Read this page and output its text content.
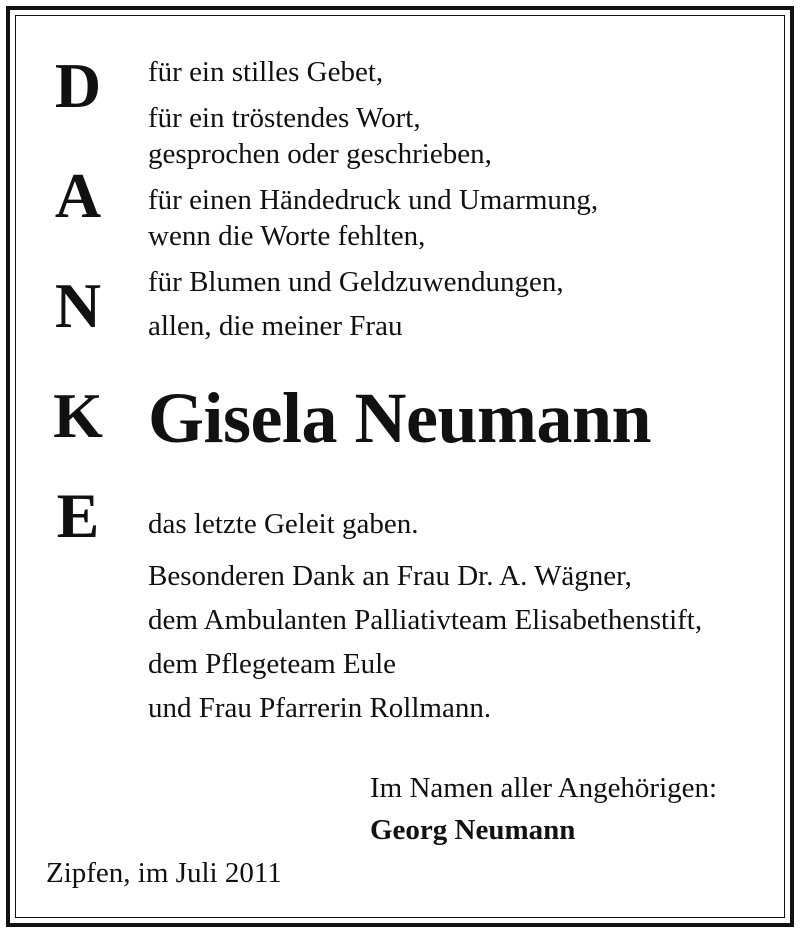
D
A
N
K
E
für ein stilles Gebet,
für ein tröstendes Wort,
gesprochen oder geschrieben,
für einen Händedruck und Umarmung,
wenn die Worte fehlten,
für Blumen und Geldzuwendungen,
allen, die meiner Frau
Gisela Neumann
das letzte Geleit gaben.
Besonderen Dank an Frau Dr. A. Wägner,
dem Ambulanten Palliativteam Elisabethenstift,
dem Pflegeteam Eule
und Frau Pfarrerin Rollmann.
Im Namen aller Angehörigen:
Georg Neumann
Zipfen, im Juli 2011
